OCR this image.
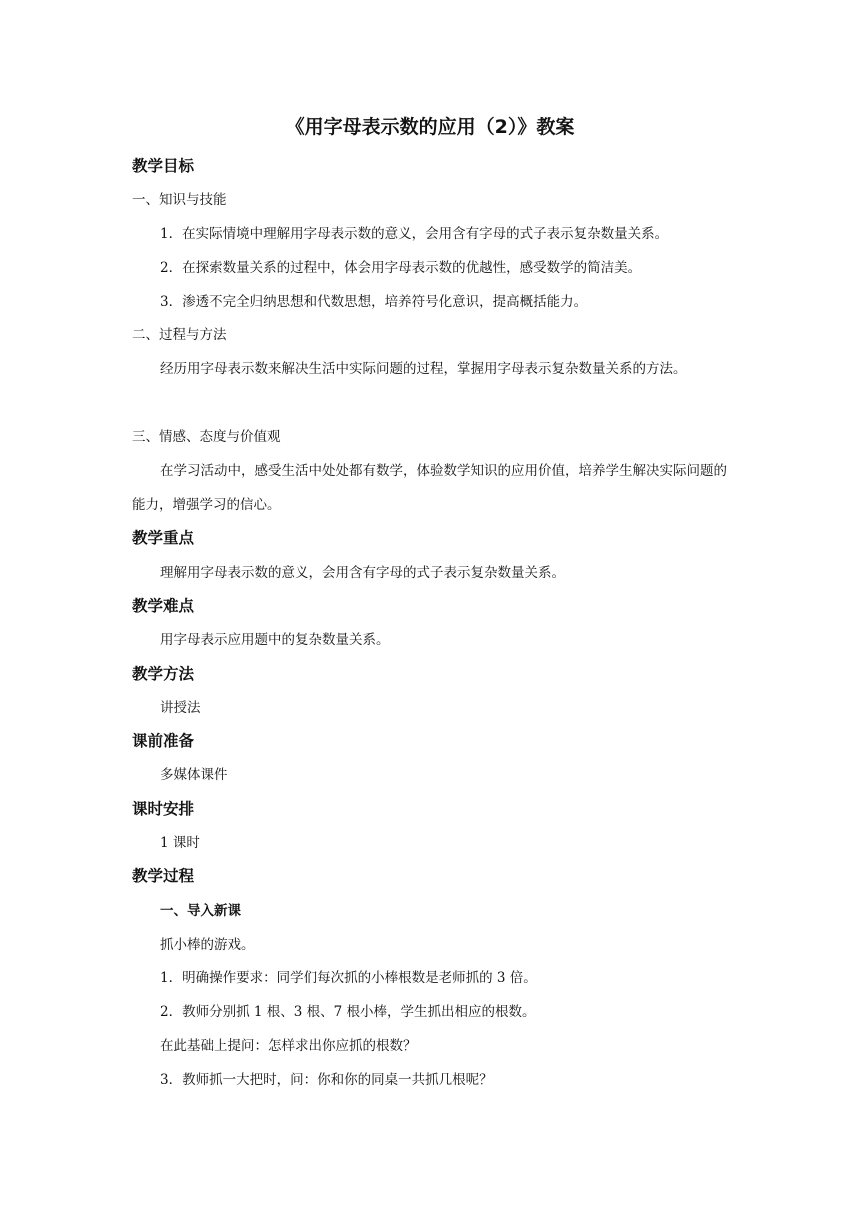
《用字母表示数的应用（2）》教案
教学目标

一、知识与技能

1．在实际情境中理解用字母表示数的意义，会用含有字母的式子表示复杂数量关系。

2．在探索数量关系的过程中，体会用字母表示数的优越性，感受数学的简洁美。

3．渗透不完全归纳思想和代数思想，培养符号化意识，提高概括能力。

二、过程与方法

经历用字母表示数来解决生活中实际问题的过程，掌握用字母表示复杂数量关系的方法。

三、情感、态度与价值观

在学习活动中，感受生活中处处都有数学，体验数学知识的应用价值，培养学生解决实际问题的能力，增强学习的信心。

教学重点

理解用字母表示数的意义，会用含有字母的式子表示复杂数量关系。

教学难点

用字母表示应用题中的复杂数量关系。

教学方法

讲授法

课前准备

多媒体课件

课时安排

1 课时

教学过程
一、导入新课

抓小棒的游戏。

1．明确操作要求：同学们每次抓的小棒根数是老师抓的 3 倍。

2．教师分别抓 1 根、3 根、7 根小棒，学生抓出相应的根数。

在此基础上提问：怎样求出你应抓的根数？

3．教师抓一大把时，问：你和你的同桌一共抓几根呢？
